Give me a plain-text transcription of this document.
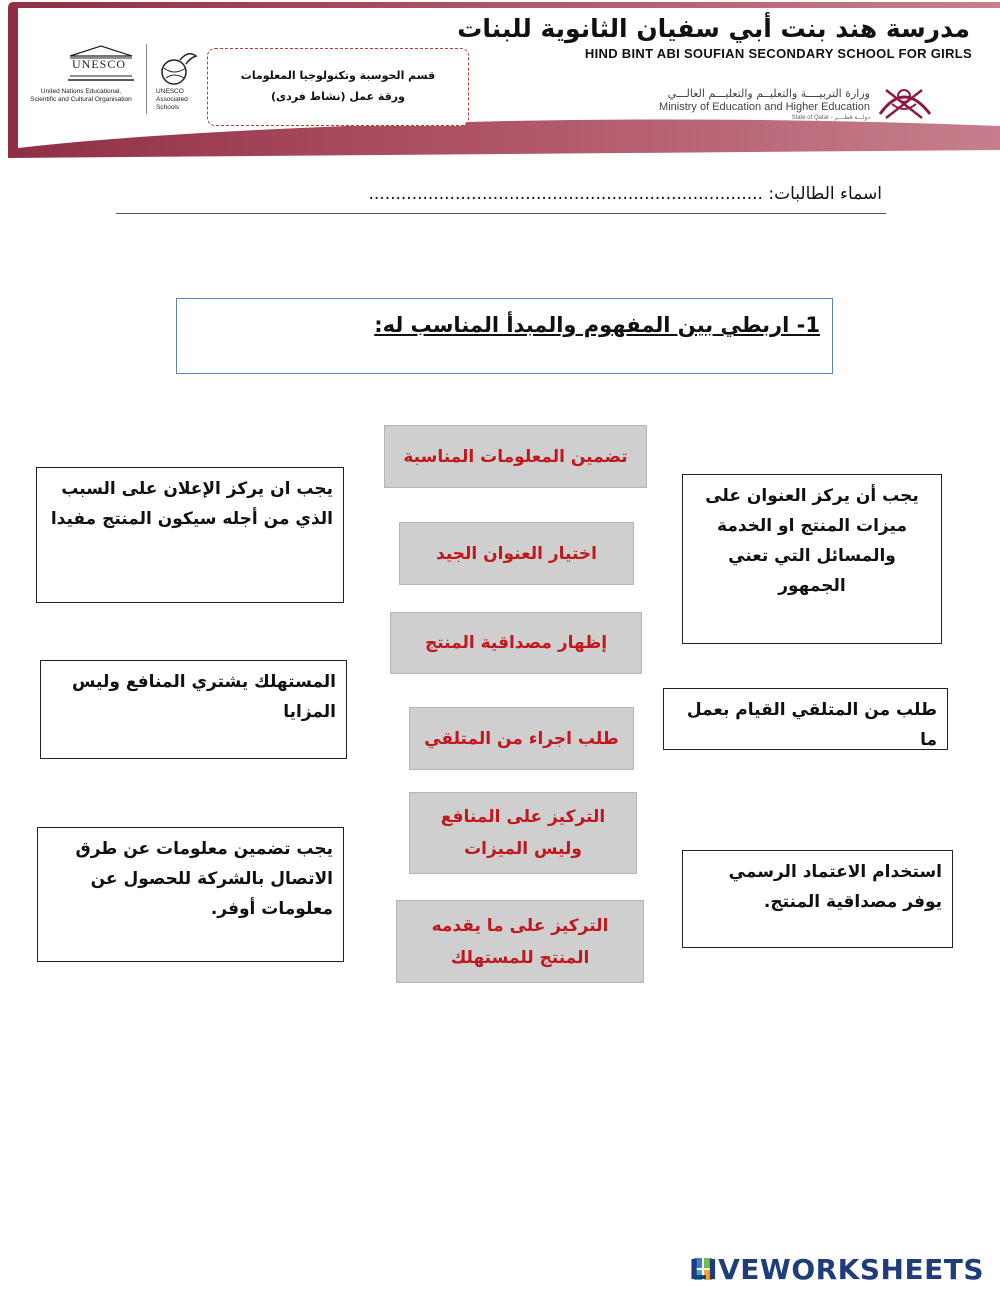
مدرسة هند بنت أبي سفيان الثانوية للبنات
HIND BINT ABI SOUFIAN SECONDARY SCHOOL FOR GIRLS
وزارة التربيــــة والتعليــم والتعليـــم العالـــي
Ministry of Education and Higher Education
State of Qatar - دولـــة قطــــر
قسم الحوسبة وتكنولوجيا المعلومات
ورقة عمل (نشاط فردى)
UNESCO
United Nations Educational, Scientific and Cultural Organisation
UNESCO Associated Schools
اسماء الطالبات: .........................................................................
1- اربطي بين المفهوم والمبدأ المناسب له:
تضمين المعلومات المناسبة
اختيار العنوان الجيد
إظهار مصداقية المنتج
طلب اجراء من المتلقي
التركيز على المنافع وليس الميزات
التركيز على ما يقدمه المنتج للمستهلك
يجب ان يركز الإعلان على السبب الذي من أجله سيكون المنتج مفيدا
المستهلك يشتري المنافع وليس المزايا
يجب تضمين معلومات عن طرق الاتصال بالشركة للحصول عن معلومات أوفر.
يجب أن يركز العنوان على ميزات المنتج او الخدمة والمسائل التي تعني الجمهور
طلب من المتلقي القيام بعمل ما
استخدام الاعتماد الرسمي يوفر مصداقية المنتج.
LIVEWORKSHEETS
